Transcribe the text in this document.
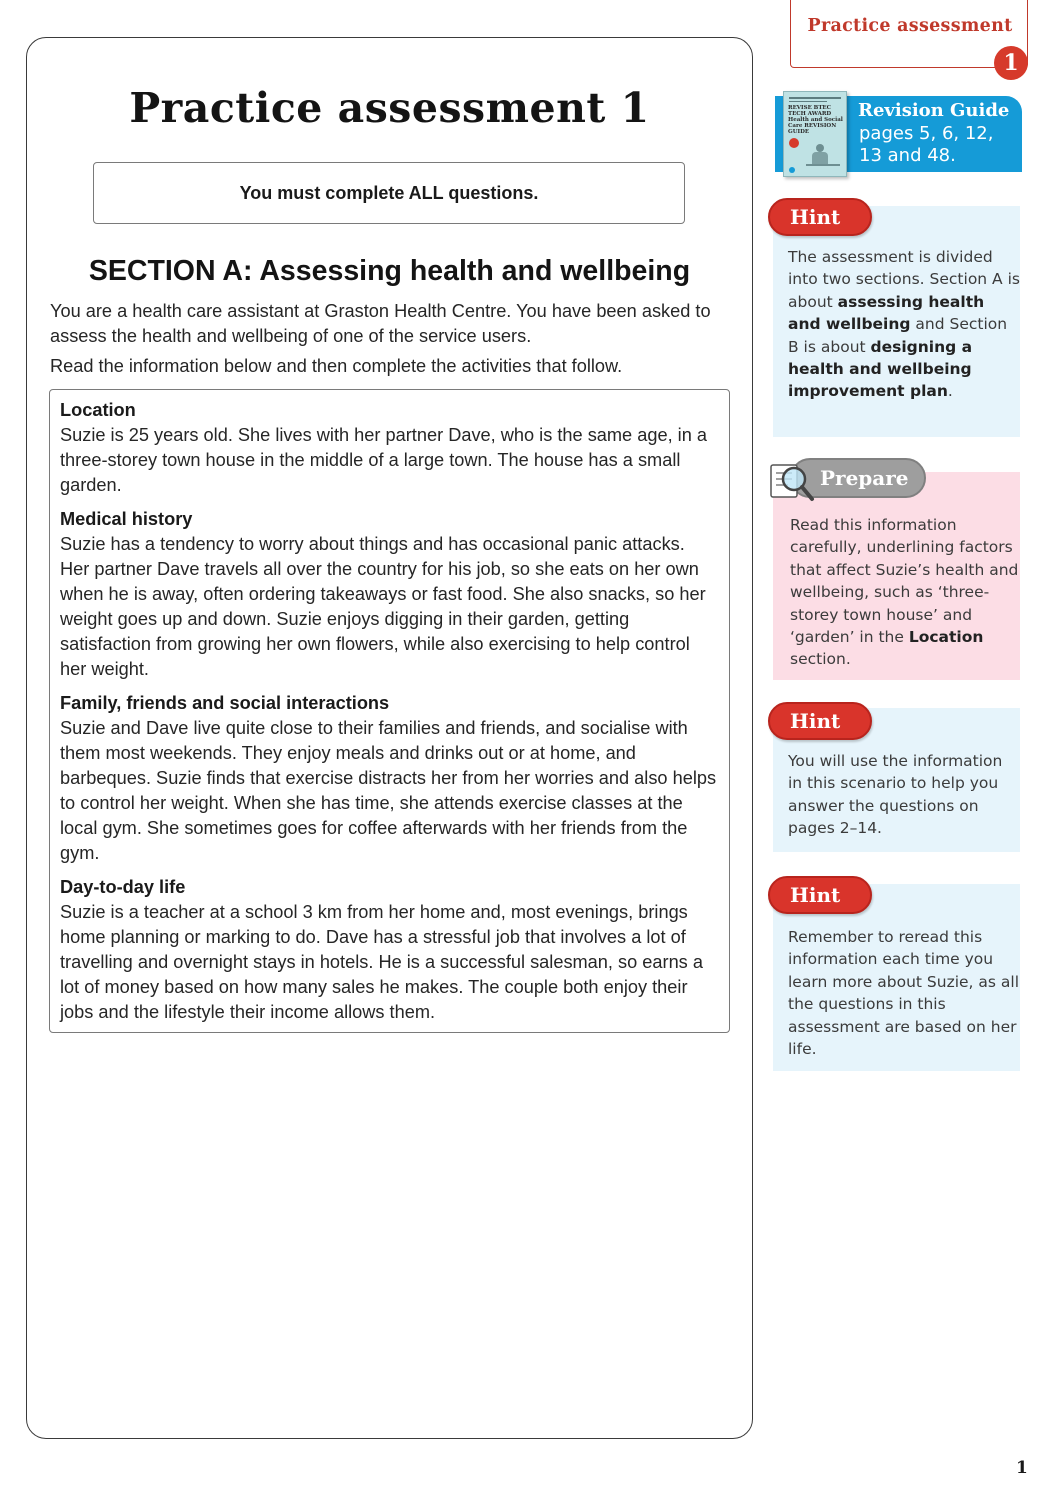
Practice assessment 1
You must complete ALL questions.
SECTION A: Assessing health and wellbeing

You are a health care assistant at Graston Health Centre. You have been asked to assess the health and wellbeing of one of the service users.

Read the information below and then complete the activities that follow.

Location
Suzie is 25 years old. She lives with her partner Dave, who is the same age, in a three-storey town house in the middle of a large town. The house has a small garden.
Medical history
Suzie has a tendency to worry about things and has occasional panic attacks. Her partner Dave travels all over the country for his job, so she eats on her own when he is away, often ordering takeaways or fast food. She also snacks, so her weight goes up and down. Suzie enjoys digging in their garden, getting satisfaction from growing her own flowers, while also exercising to help control her weight.
Family, friends and social interactions
Suzie and Dave live quite close to their families and friends, and socialise with them most weekends. They enjoy meals and drinks out or at home, and barbeques. Suzie finds that exercise distracts her from her worries and also helps to control her weight. When she has time, she attends exercise classes at the local gym. She sometimes goes for coffee afterwards with her friends from the gym.
Day-to-day life
Suzie is a teacher at a school 3 km from her home and, most evenings, brings home planning or marking to do. Dave has a stressful job that involves a lot of travelling and overnight stays in hotels. He is a successful salesman, so earns a lot of money based on how many sales he makes. The couple both enjoy their jobs and the lifestyle their income allows them.
Practice assessment
1
REVISE BTEC TECH AWARD Health and Social Care REVISION GUIDE
Revision Guide
pages 5, 6, 12, 13 and 48.
The assessment is divided into two sections. Section A is about assessing health and wellbeing and Section B is about designing a health and wellbeing improvement plan.
Hint
Read this information carefully, underlining factors that affect Suzie’s health and wellbeing, such as ‘three-storey town house’ and ‘garden’ in the Location section.
Prepare
You will use the information in this scenario to help you answer the questions on pages 2–14.
Hint
Remember to reread this information each time you learn more about Suzie, as all the questions in this assessment are based on her life.
Hint
1
